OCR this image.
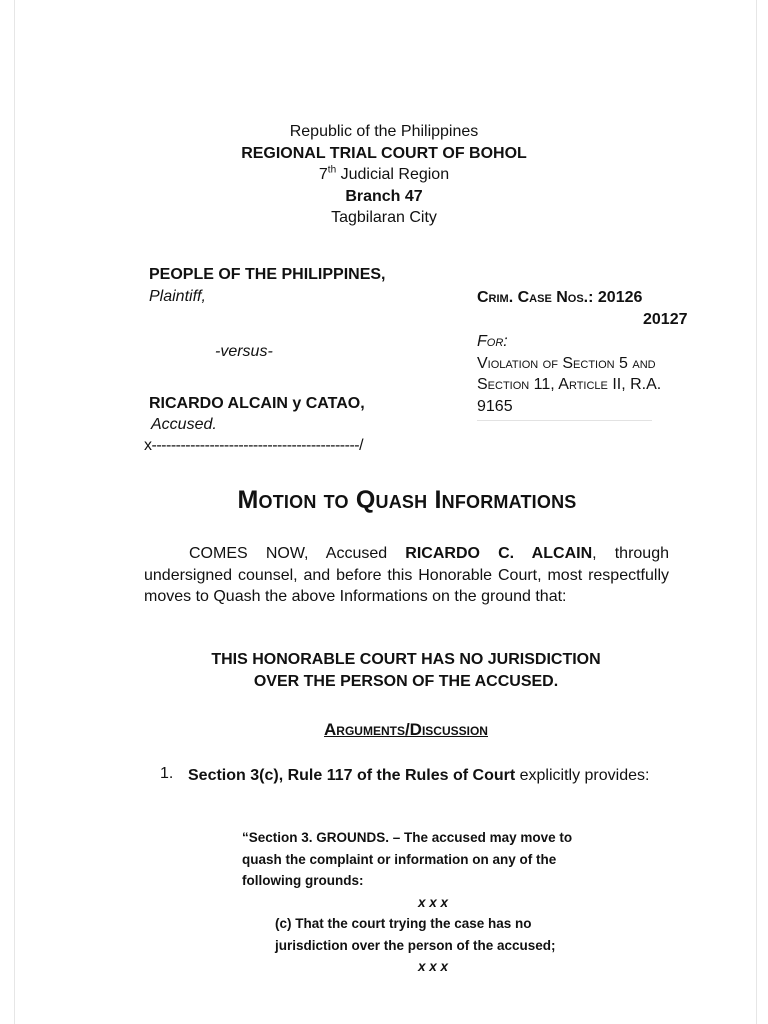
Republic of the Philippines
REGIONAL TRIAL COURT OF BOHOL
7th Judicial Region
Branch 47
Tagbilaran City
PEOPLE OF THE PHILIPPINES,
Plaintiff,
-versus-
RICARDO ALCAIN y CATAO,
Accused.
x-------------------------------------------/
Crim. Case Nos.: 20126
20127
For:
Violation of Section 5 and
Section 11, Article II, R.A.
9165
Motion to Quash Informations
COMES NOW, Accused RICARDO C. ALCAIN, through undersigned counsel, and before this Honorable Court, most respectfully moves to Quash the above Informations on the ground that:
THIS HONORABLE COURT HAS NO JURISDICTION
OVER THE PERSON OF THE ACCUSED.
Arguments/Discussion
1. Section 3(c), Rule 117 of the Rules of Court explicitly provides:
“Section 3. GROUNDS. – The accused may move to
quash the complaint or information on any of the
following grounds:
x x x
(c) That the court trying the case has no
jurisdiction over the person of the accused;
x x x
